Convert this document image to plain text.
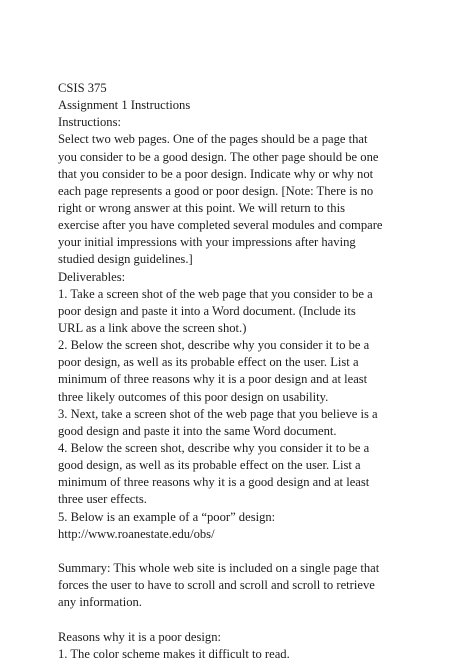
CSIS 375
Assignment 1 Instructions
Instructions:
Select two web pages. One of the pages should be a page that
you consider to be a good design. The other page should be one
that you consider to be a poor design. Indicate why or why not
each page represents a good or poor design. [Note: There is no
right or wrong answer at this point. We will return to this
exercise after you have completed several modules and compare
your initial impressions with your impressions after having
studied design guidelines.]
Deliverables:
1. Take a screen shot of the web page that you consider to be a
poor design and paste it into a Word document. (Include its
URL as a link above the screen shot.)
2. Below the screen shot, describe why you consider it to be a
poor design, as well as its probable effect on the user. List a
minimum of three reasons why it is a poor design and at least
three likely outcomes of this poor design on usability.
3. Next, take a screen shot of the web page that you believe is a
good design and paste it into the same Word document.
4. Below the screen shot, describe why you consider it to be a
good design, as well as its probable effect on the user. List a
minimum of three reasons why it is a good design and at least
three user effects.
5. Below is an example of a “poor” design:
http://www.roanestate.edu/obs/
Summary: This whole web site is included on a single page that
forces the user to have to scroll and scroll and scroll to retrieve
any information.
Reasons why it is a poor design:
1. The color scheme makes it difficult to read.
